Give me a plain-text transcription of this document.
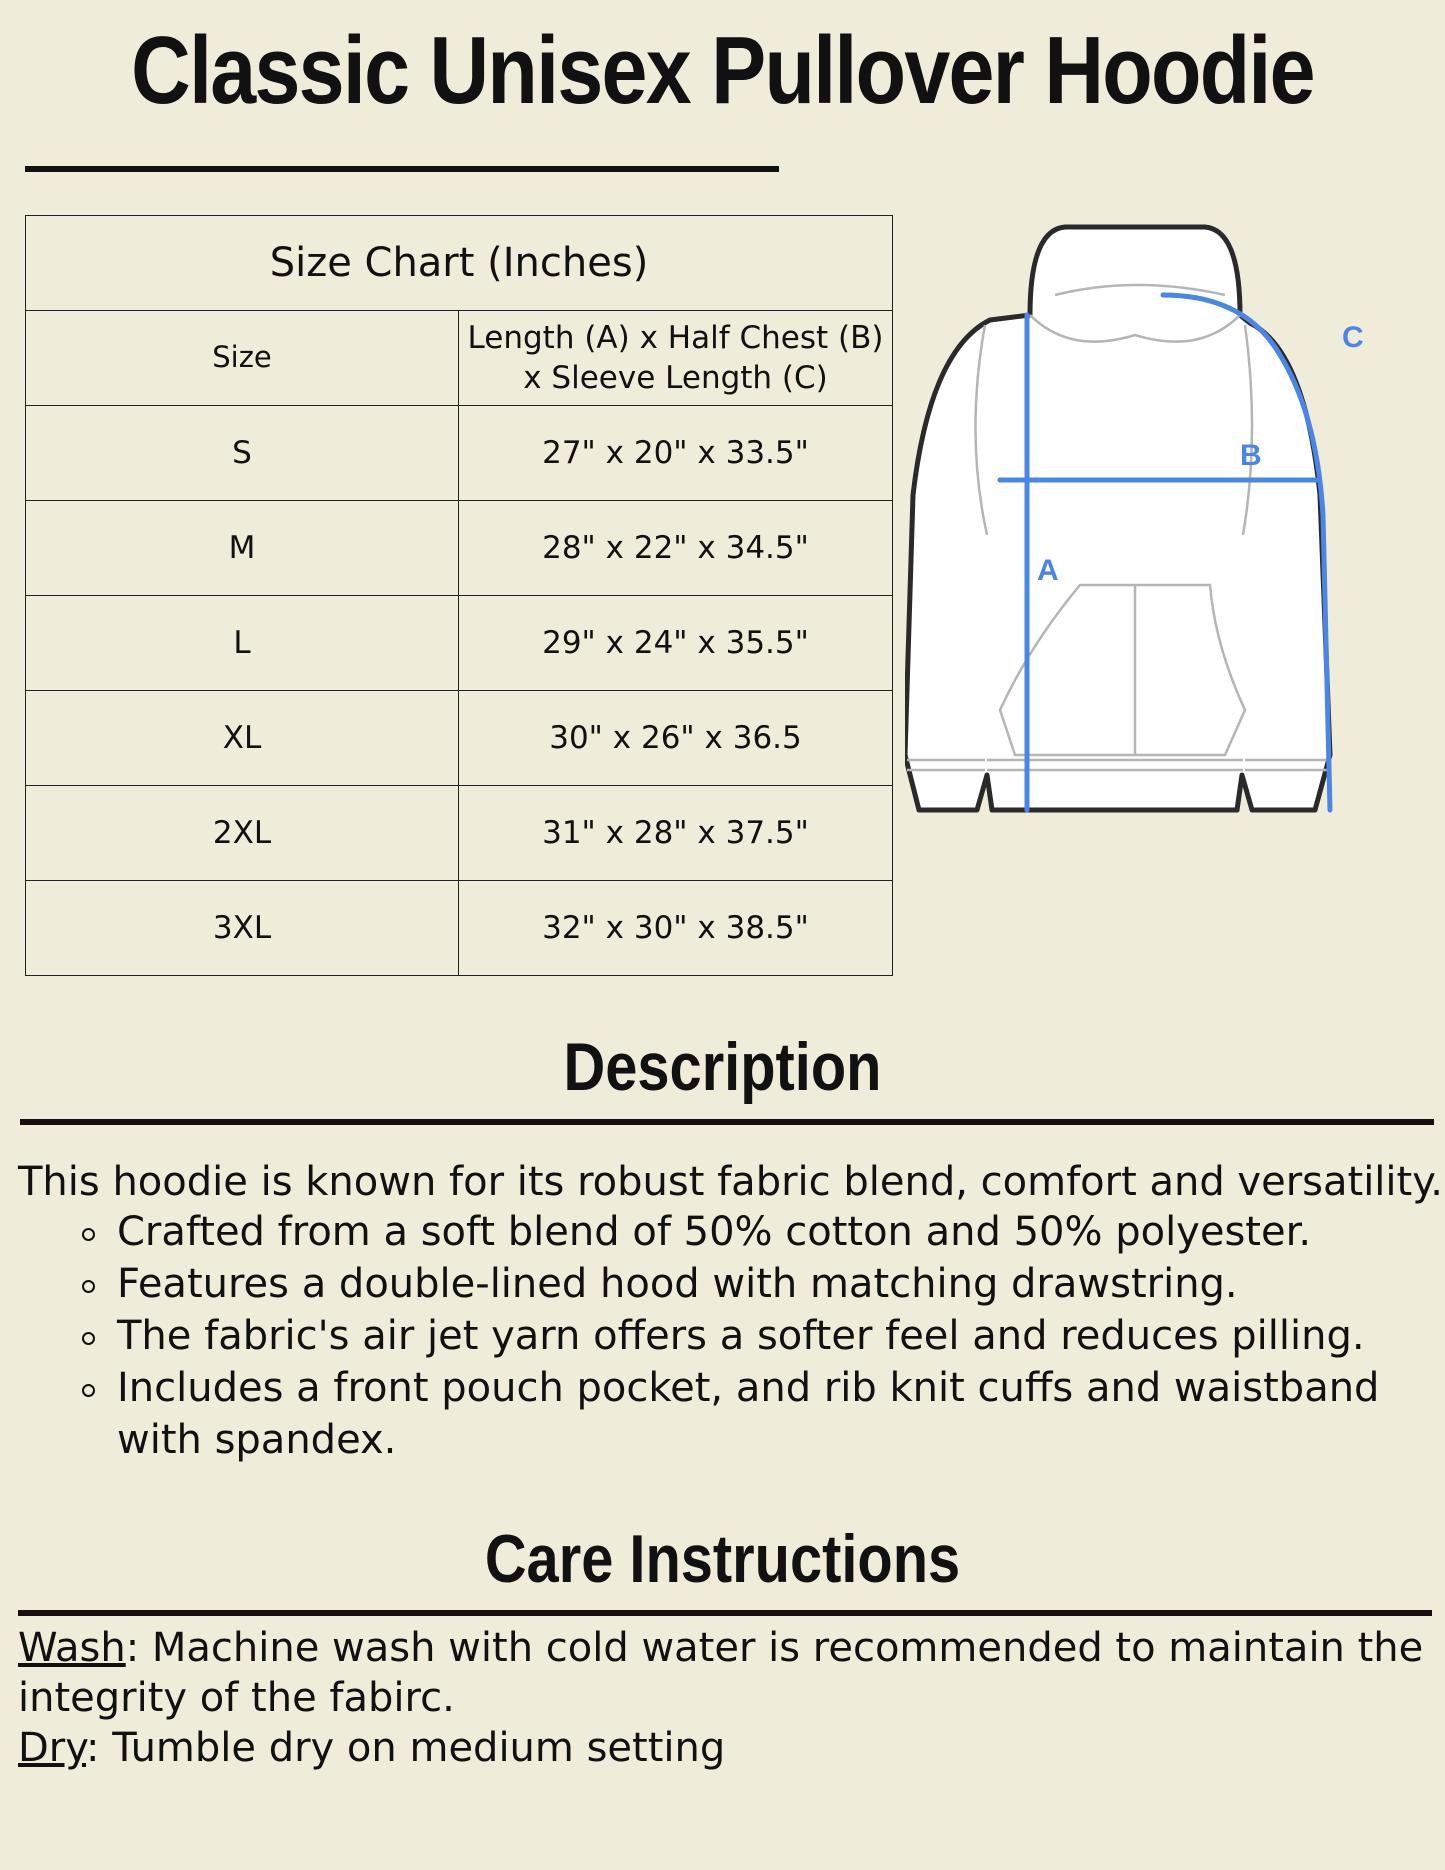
Classic Unisex Pullover Hoodie
Size Chart (Inches)	
Size	Length (A) x Half Chest (B)
x Sleeve Length (C)
S	27" x 20" x 33.5"
M	28" x 22" x 34.5"
L	29" x 24" x 35.5"
XL	30" x 26" x 36.5
2XL	31" x 28" x 37.5"
3XL	32" x 30" x 38.5"
A
B
C
Description
This hoodie is known for its robust fabric blend, comfort and versatility.
Crafted from a soft blend of 50% cotton and 50% polyester.
Features a double-lined hood with matching drawstring.
The fabric's air jet yarn offers a softer feel and reduces pilling.
Includes a front pouch pocket, and rib knit cuffs and waistband with spandex.
Care Instructions
Wash: Machine wash with cold water is recommended to maintain the integrity of the fabirc.
Dry: Tumble dry on medium setting
